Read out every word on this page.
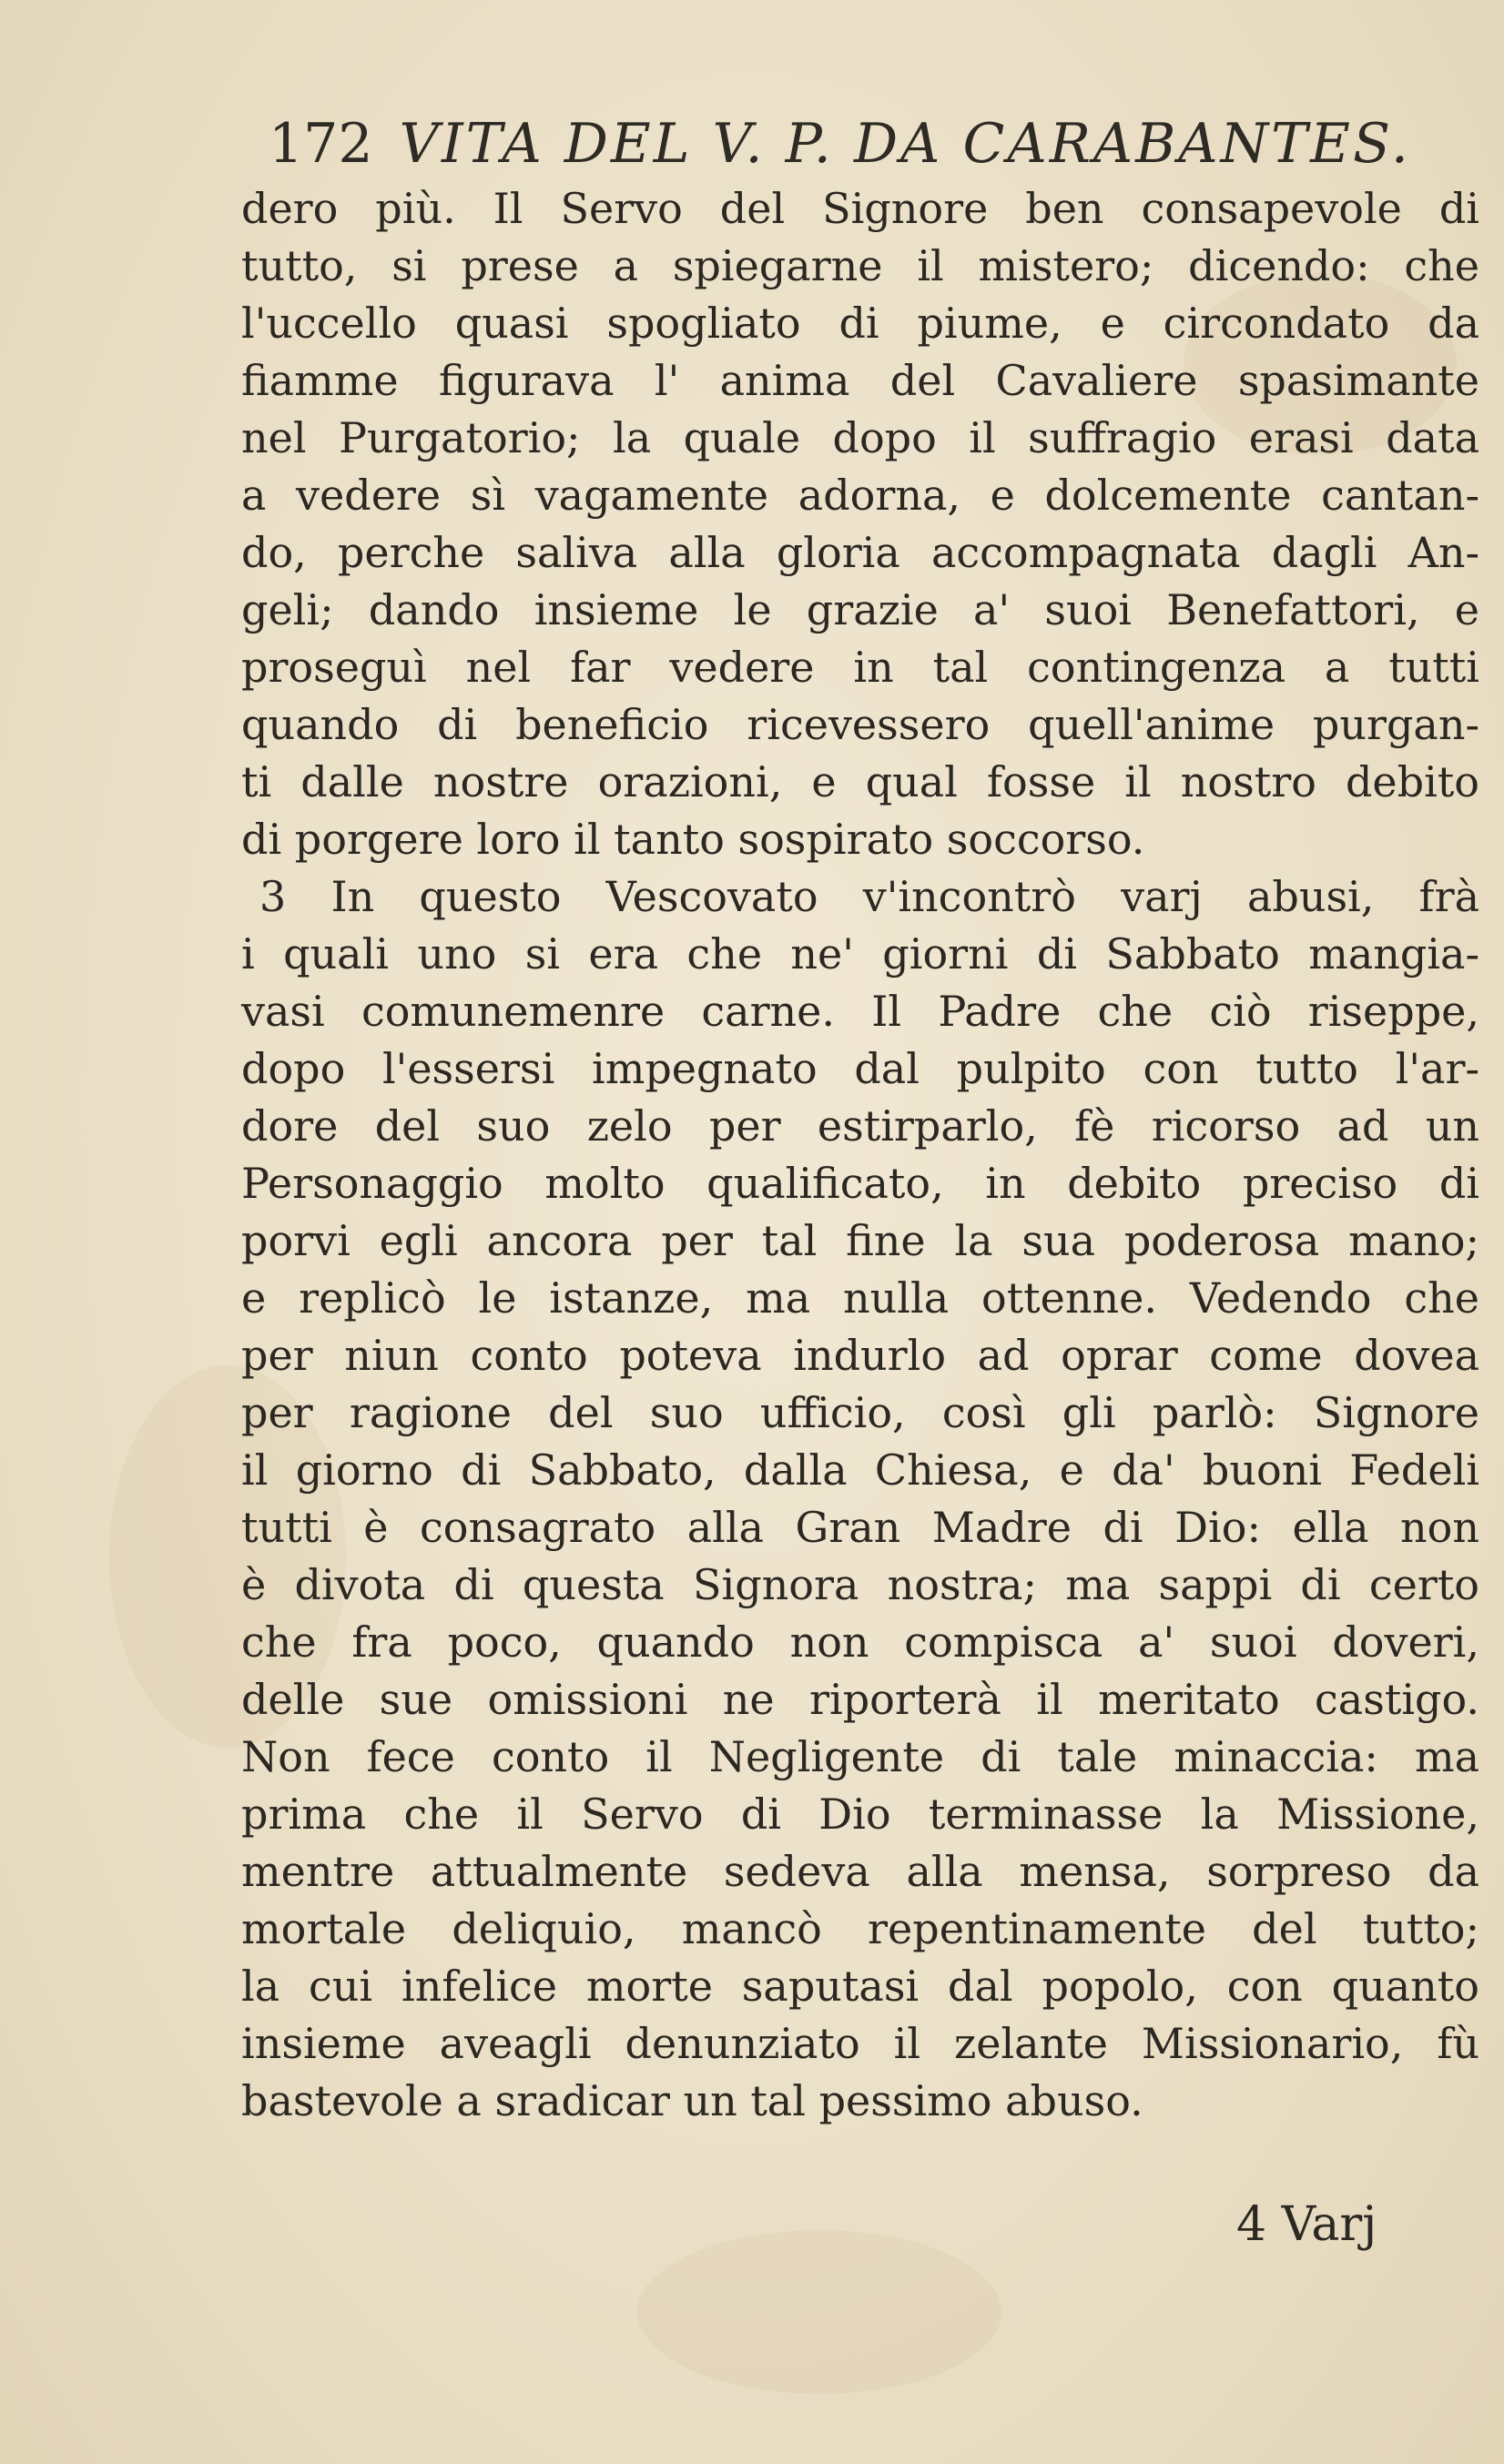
172 VITA DEL V. P. DA CARABANTES.
dero più. Il Servo del Signore ben consapevole di
tutto, si prese a spiegarne il mistero; dicendo: che
l'uccello quasi spogliato di piume, e circondato da
fiamme figurava l' anima del Cavaliere spasimante
nel Purgatorio; la quale dopo il suffragio erasi data
a vedere sì vagamente adorna, e dolcemente cantan-
do, perche saliva alla gloria accompagnata dagli An-
geli; dando insieme le grazie a' suoi Benefattori, e
proseguì nel far vedere in tal contingenza a tutti
quando di beneficio ricevessero quell'anime purgan-
ti dalle nostre orazioni, e qual fosse il nostro debito
di porgere loro il tanto sospirato soccorso.
3 In questo Vescovato v'incontrò varj abusi, frà
i quali uno si era che ne' giorni di Sabbato mangia-
vasi comunemenre carne. Il Padre che ciò riseppe,
dopo l'essersi impegnato dal pulpito con tutto l'ar-
dore del suo zelo per estirparlo, fè ricorso ad un
Personaggio molto qualificato, in debito preciso di
porvi egli ancora per tal fine la sua poderosa mano;
e replicò le istanze, ma nulla ottenne. Vedendo che
per niun conto poteva indurlo ad oprar come dovea
per ragione del suo ufficio, così gli parlò: Signore
il giorno di Sabbato, dalla Chiesa, e da' buoni Fedeli
tutti è consagrato alla Gran Madre di Dio: ella non
è divota di questa Signora nostra; ma sappi di certo
che fra poco, quando non compisca a' suoi doveri,
delle sue omissioni ne riporterà il meritato castigo.
Non fece conto il Negligente di tale minaccia: ma
prima che il Servo di Dio terminasse la Missione,
mentre attualmente sedeva alla mensa, sorpreso da
mortale deliquio, mancò repentinamente del tutto;
la cui infelice morte saputasi dal popolo, con quanto
insieme aveagli denunziato il zelante Missionario, fù
bastevole a sradicar un tal pessimo abuso.
4 Varj
